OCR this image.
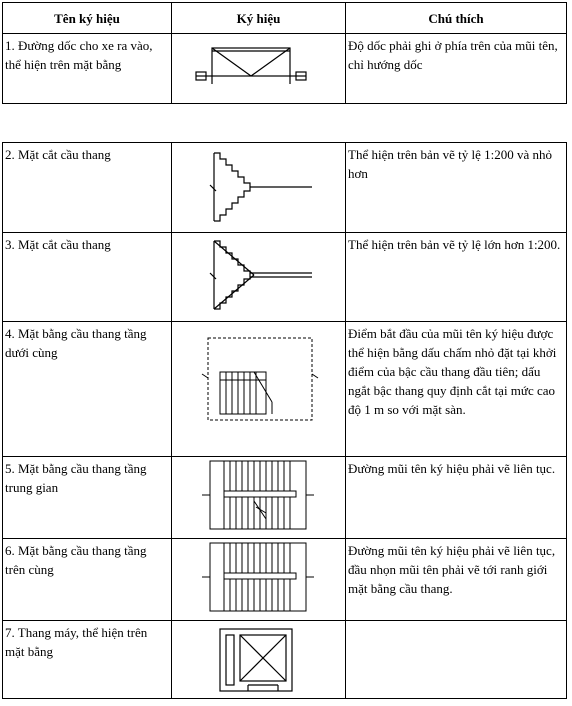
Tên ký hiệu	Ký hiệu	Chú thích

1. Đường dốc cho xe ra vào, thể hiện trên mặt bằng		Độ dốc phải ghi ở phía trên của mũi tên, chỉ hướng dốc
2. Mặt cắt cầu thang		Thể hiện trên bản vẽ tỷ lệ 1:200 và nhỏ hơn

3. Mặt cắt cầu thang		Thể hiện trên bản vẽ tỷ lệ lớn hơn 1:200.

4. Mặt bằng cầu thang tầng dưới cùng		Điểm bắt đầu của mũi tên ký hiệu được thể hiện bằng dấu chấm nhỏ đặt tại khởi điểm của bậc cầu thang đầu tiên; dấu ngắt bậc thang quy định cắt tại mức cao độ 1 m so với mặt sàn.

5. Mặt bằng cầu thang tầng trung gian		Đường mũi tên ký hiệu phải vẽ liên tục.

6. Mặt bằng cầu thang tầng trên cùng		Đường mũi tên ký hiệu phải vẽ liên tục, đầu nhọn mũi tên phải vẽ tới ranh giới mặt bằng cầu thang.

7. Thang máy, thể hiện trên mặt bằng
